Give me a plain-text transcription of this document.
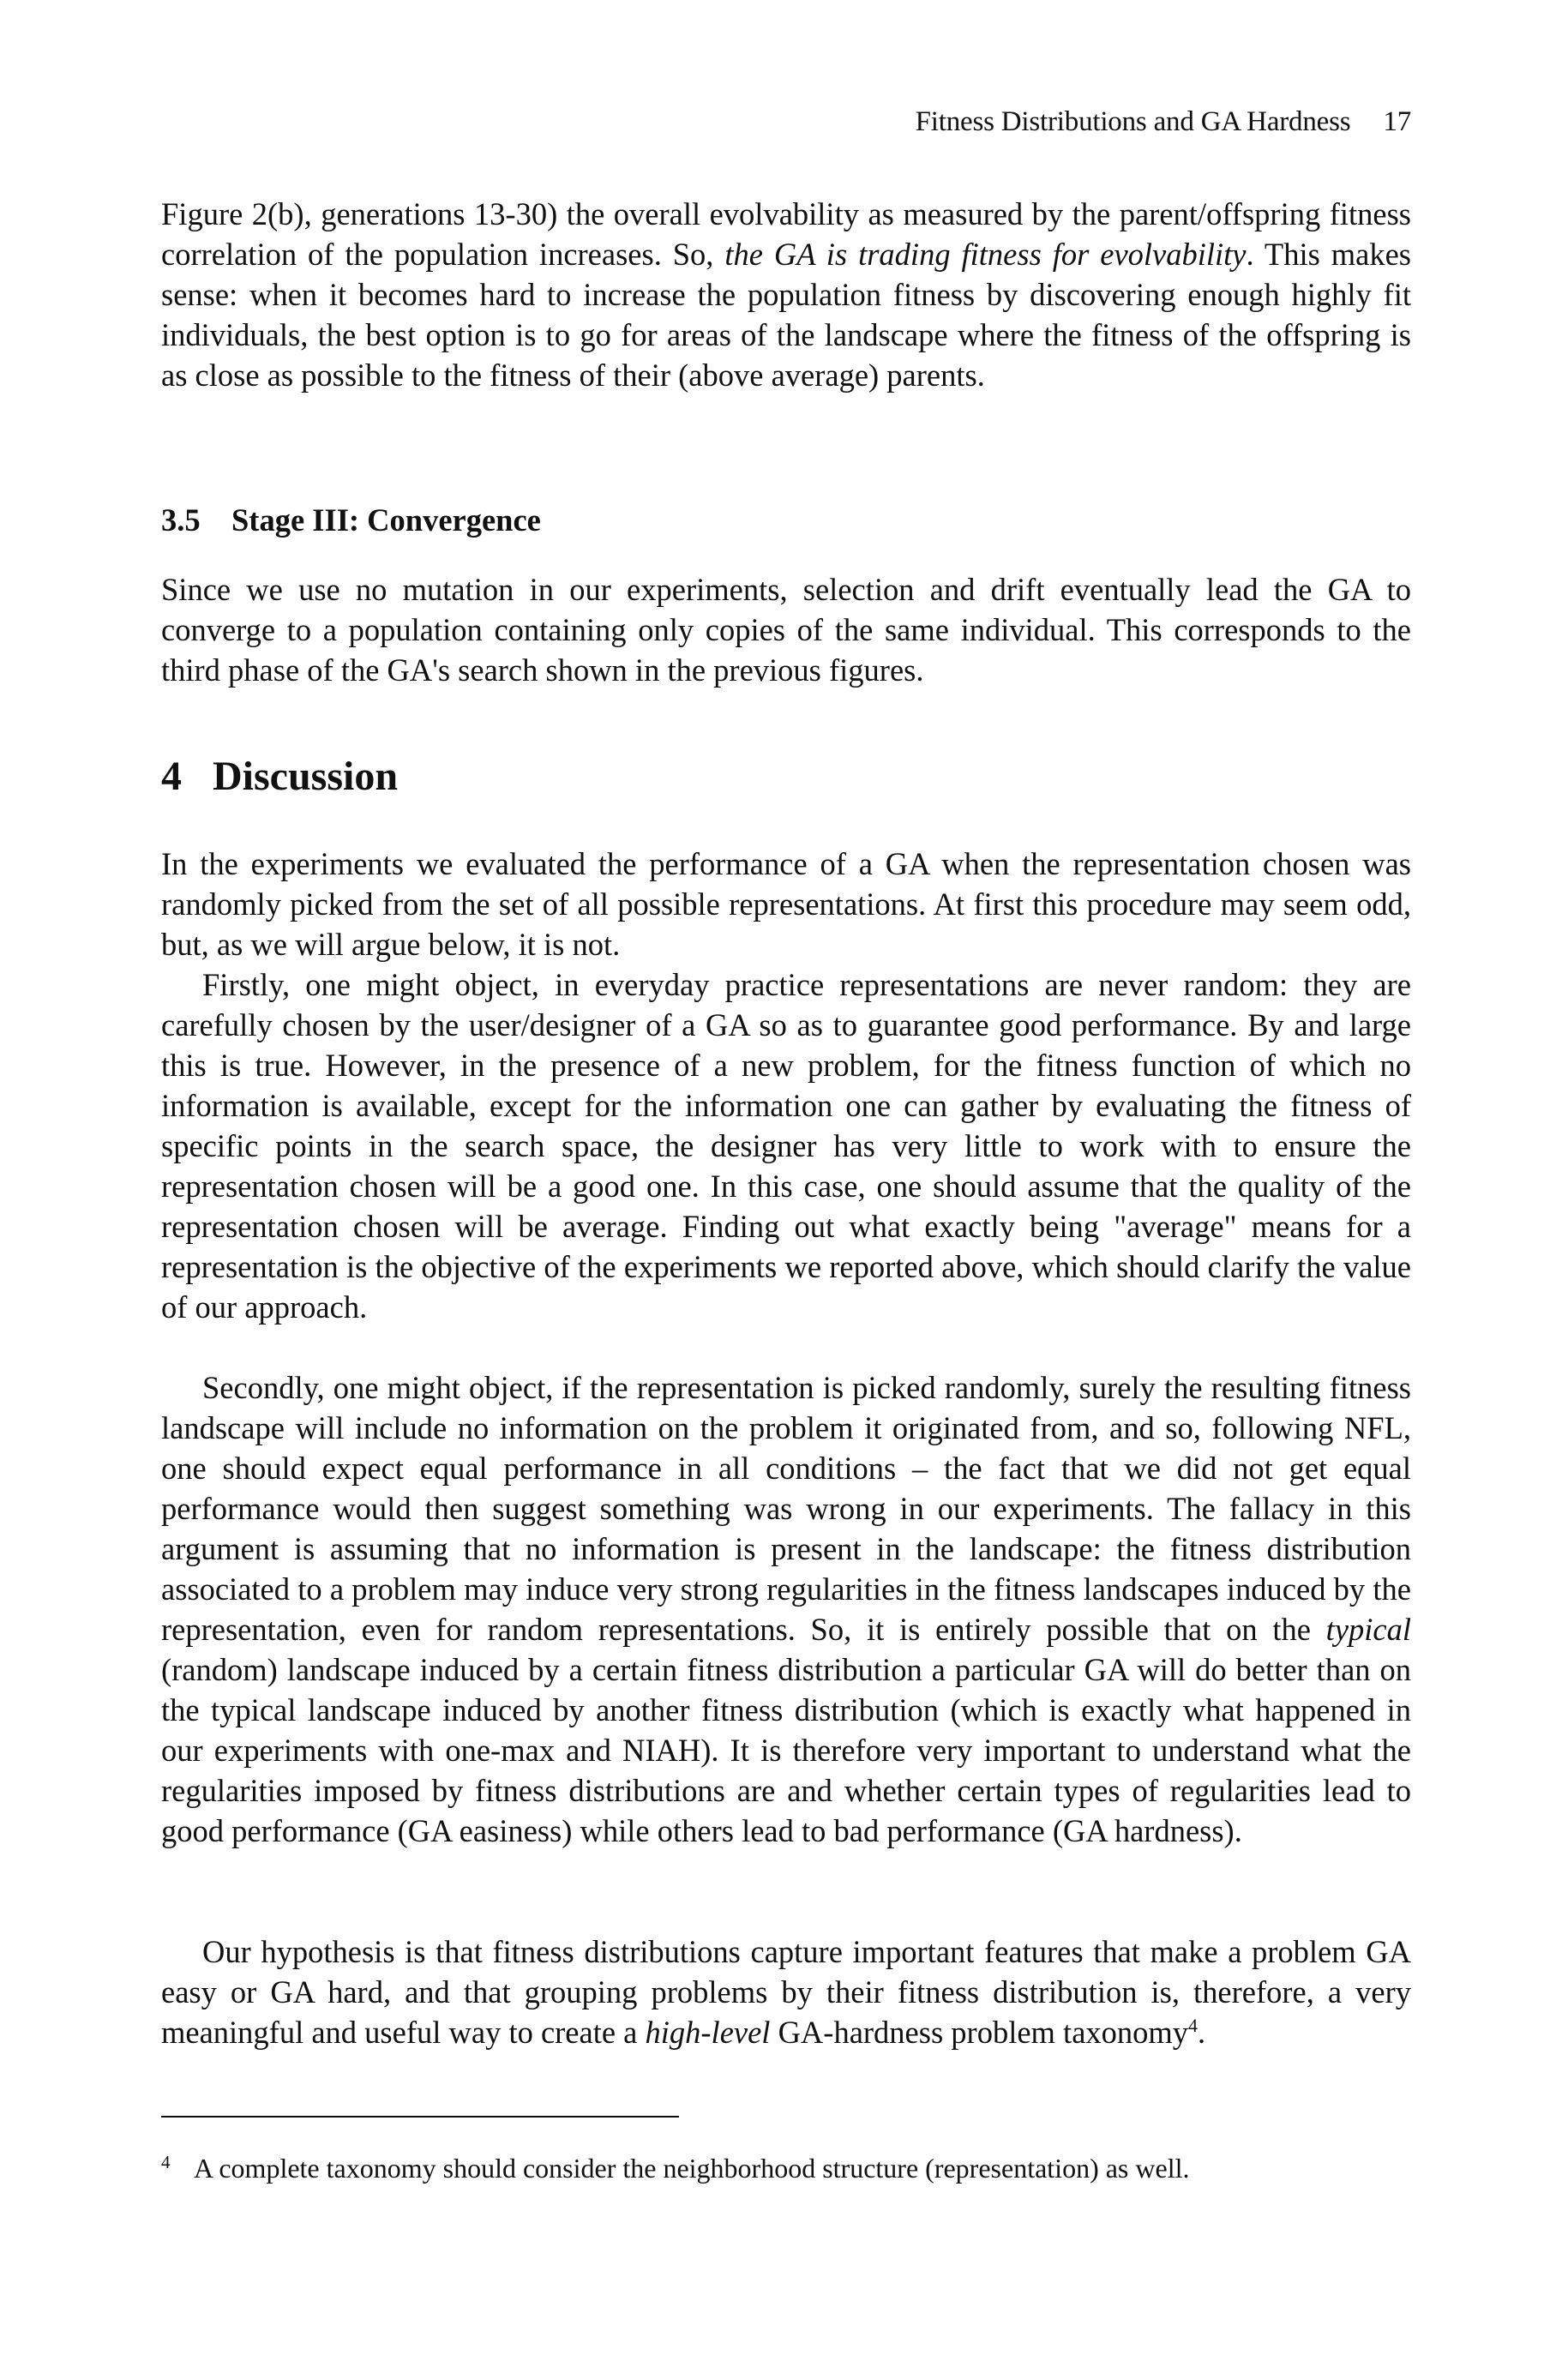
Fitness Distributions and GA Hardness 17

Figure 2(b), generations 13-30) the overall evolvability as measured by the parent/offspring fitness correlation of the population increases. So, the GA is trading fitness for evolvability. This makes sense: when it becomes hard to increase the population fitness by discovering enough highly fit individuals, the best option is to go for areas of the landscape where the fitness of the offspring is as close as possible to the fitness of their (above average) parents.

3.5 Stage III: Convergence

Since we use no mutation in our experiments, selection and drift eventually lead the GA to converge to a population containing only copies of the same individual. This corresponds to the third phase of the GA's search shown in the previous figures.

4 Discussion

In the experiments we evaluated the performance of a GA when the representation chosen was randomly picked from the set of all possible representations. At first this procedure may seem odd, but, as we will argue below, it is not.

Firstly, one might object, in everyday practice representations are never random: they are carefully chosen by the user/designer of a GA so as to guarantee good performance. By and large this is true. However, in the presence of a new problem, for the fitness function of which no information is available, except for the information one can gather by evaluating the fitness of specific points in the search space, the designer has very little to work with to ensure the representation chosen will be a good one. In this case, one should assume that the quality of the representation chosen will be average. Finding out what exactly being "average" means for a representation is the objective of the experiments we reported above, which should clarify the value of our approach.

Secondly, one might object, if the representation is picked randomly, surely the resulting fitness landscape will include no information on the problem it originated from, and so, following NFL, one should expect equal performance in all conditions – the fact that we did not get equal performance would then suggest something was wrong in our experiments. The fallacy in this argument is assuming that no information is present in the landscape: the fitness distribution associated to a problem may induce very strong regularities in the fitness landscapes induced by the representation, even for random representations. So, it is entirely possible that on the typical (random) landscape induced by a certain fitness distribution a particular GA will do better than on the typical landscape induced by another fitness distribution (which is exactly what happened in our experiments with one-max and NIAH). It is therefore very important to understand what the regularities imposed by fitness distributions are and whether certain types of regularities lead to good performance (GA easiness) while others lead to bad performance (GA hardness).

Our hypothesis is that fitness distributions capture important features that make a problem GA easy or GA hard, and that grouping problems by their fitness distribution is, therefore, a very meaningful and useful way to create a high-level GA-hardness problem taxonomy$^4$.

4 A complete taxonomy should consider the neighborhood structure (representation) as well.
